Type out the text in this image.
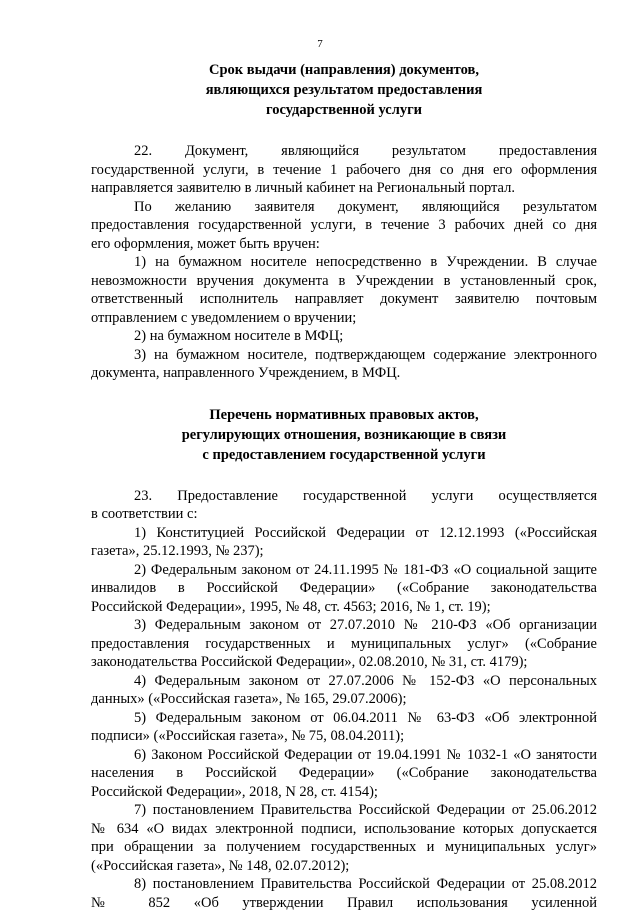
7
Срок выдачи (направления) документов,
являющихся результатом предоставления
государственной услуги

22. Документ, являющийся результатом предоставления
государственной услуги, в течение 1 рабочего дня со дня его оформления
направляется заявителю в личный кабинет на Региональный портал.

По желанию заявителя документ, являющийся результатом
предоставления государственной услуги, в течение 3 рабочих дней со дня
его оформления, может быть вручен:

1) на бумажном носителе непосредственно в Учреждении. В случае
невозможности вручения документа в Учреждении в установленный срок,
ответственный исполнитель направляет документ заявителю почтовым
отправлением с уведомлением о вручении;

2) на бумажном носителе в МФЦ;

3) на бумажном носителе, подтверждающем содержание электронного
документа, направленного Учреждением, в МФЦ.

Перечень нормативных правовых актов,
регулирующих отношения, возникающие в связи
с предоставлением государственной услуги

23. Предоставление государственной услуги осуществляется
в соответствии с:

1) Конституцией Российской Федерации от 12.12.1993 («Российская
газета», 25.12.1993, № 237);

2) Федеральным законом от 24.11.1995 № 181-ФЗ «О социальной защите
инвалидов в Российской Федерации» («Собрание законодательства
Российской Федерации», 1995, № 48, ст. 4563; 2016, № 1, ст. 19);

3) Федеральным законом от 27.07.2010 № 210-ФЗ «Об организации
предоставления государственных и муниципальных услуг» («Собрание
законодательства Российской Федерации», 02.08.2010, № 31, ст. 4179);

4) Федеральным законом от 27.07.2006 № 152-ФЗ «О персональных
данных» («Российская газета», № 165, 29.07.2006);

5) Федеральным законом от 06.04.2011 № 63-ФЗ «Об электронной
подписи» («Российская газета», № 75, 08.04.2011);

6) Законом Российской Федерации от 19.04.1991 № 1032-1 «О занятости
населения в Российской Федерации» («Собрание законодательства
Российской Федерации», 2018, N 28, ст. 4154);

7) постановлением Правительства Российской Федерации от 25.06.2012
№ 634 «О видах электронной подписи, использование которых допускается
при обращении за получением государственных и муниципальных услуг»
(«Российская газета», № 148, 02.07.2012);

8) постановлением Правительства Российской Федерации от 25.08.2012
№ 852 «Об утверждении Правил использования усиленной
